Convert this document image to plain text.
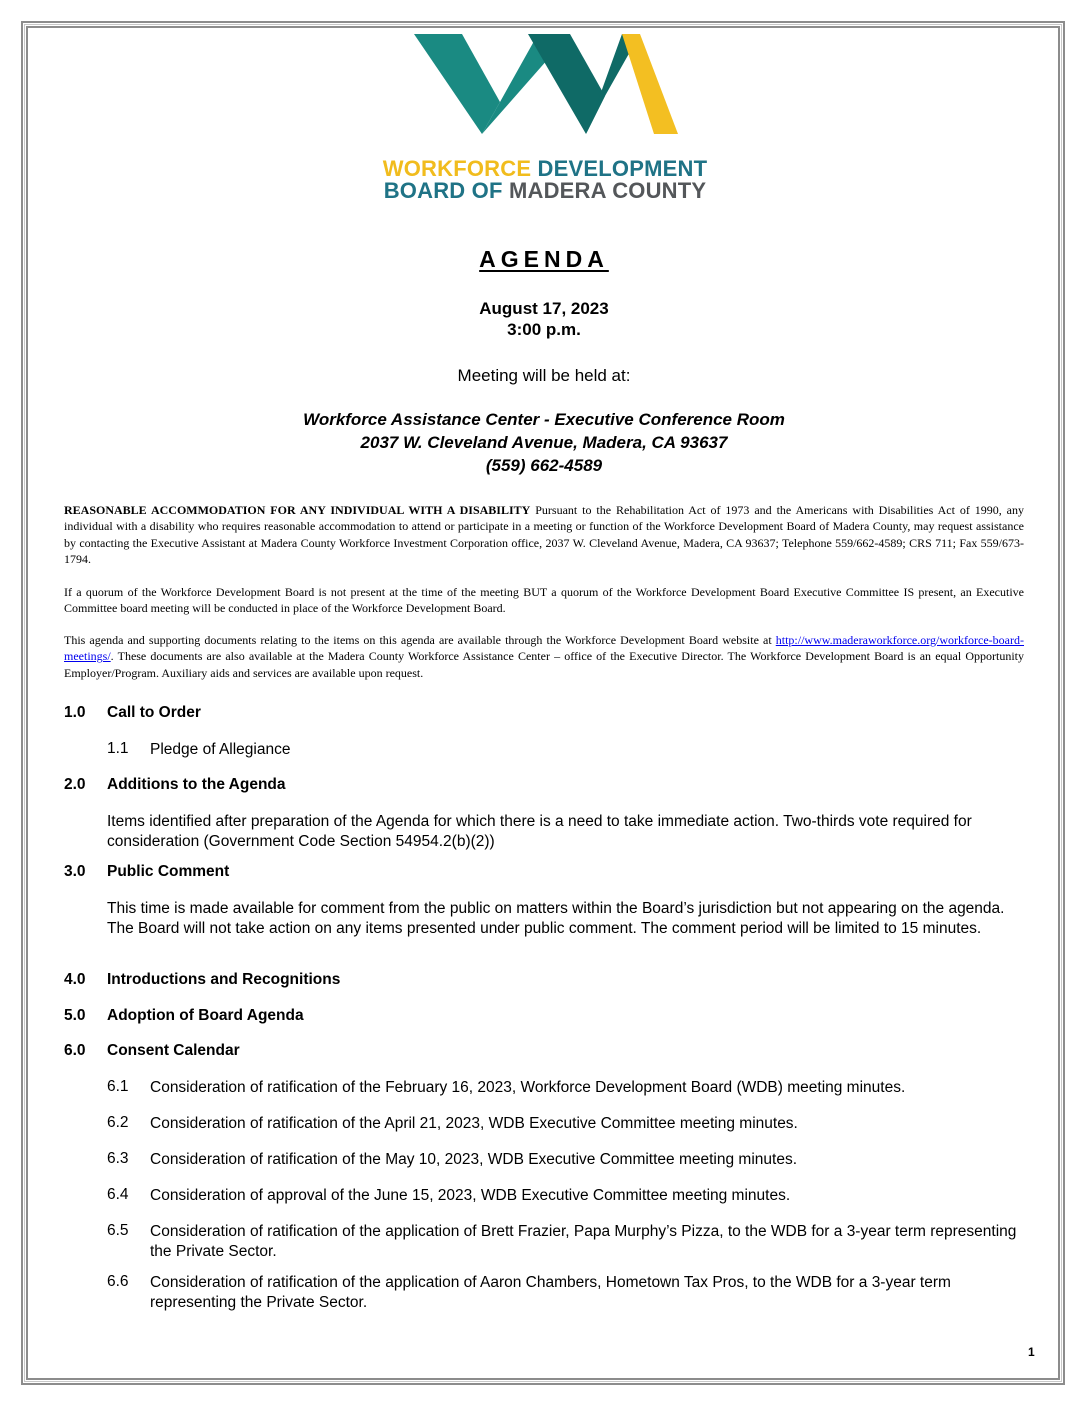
WORKFORCE DEVELOPMENT
BOARD OF MADERA COUNTY
AGENDA
August 17, 2023
3:00 p.m.
Meeting will be held at:
Workforce Assistance Center - Executive Conference Room
2037 W. Cleveland Avenue, Madera, CA 93637
(559) 662-4589
REASONABLE ACCOMMODATION FOR ANY INDIVIDUAL WITH A DISABILITY Pursuant to the Rehabilitation Act of 1973 and the Americans with Disabilities Act of 1990, any individual with a disability who requires reasonable accommodation to attend or participate in a meeting or function of the Workforce Development Board of Madera County, may request assistance by contacting the Executive Assistant at Madera County Workforce Investment Corporation office, 2037 W. Cleveland Avenue, Madera, CA 93637; Telephone 559/662-4589; CRS 711; Fax 559/673-1794.
If a quorum of the Workforce Development Board is not present at the time of the meeting BUT a quorum of the Workforce Development Board Executive Committee IS present, an Executive Committee board meeting will be conducted in place of the Workforce Development Board.
This agenda and supporting documents relating to the items on this agenda are available through the Workforce Development Board website at http://www.maderaworkforce.org/workforce-board-meetings/. These documents are also available at the Madera County Workforce Assistance Center – office of the Executive Director. The Workforce Development Board is an equal Opportunity Employer/Program. Auxiliary aids and services are available upon request.
1.0 Call to Order
1.1 Pledge of Allegiance
2.0 Additions to the Agenda
Items identified after preparation of the Agenda for which there is a need to take immediate action. Two-thirds vote required for consideration (Government Code Section 54954.2(b)(2))
3.0 Public Comment
This time is made available for comment from the public on matters within the Board’s jurisdiction but not appearing on the agenda. The Board will not take action on any items presented under public comment. The comment period will be limited to 15 minutes.
4.0 Introductions and Recognitions
5.0 Adoption of Board Agenda
6.0 Consent Calendar
6.1 Consideration of ratification of the February 16, 2023, Workforce Development Board (WDB) meeting minutes.
6.2 Consideration of ratification of the April 21, 2023, WDB Executive Committee meeting minutes.
6.3 Consideration of ratification of the May 10, 2023, WDB Executive Committee meeting minutes.
6.4 Consideration of approval of the June 15, 2023, WDB Executive Committee meeting minutes.
6.5 Consideration of ratification of the application of Brett Frazier, Papa Murphy’s Pizza, to the WDB for a 3-year term representing the Private Sector.
6.6 Consideration of ratification of the application of Aaron Chambers, Hometown Tax Pros, to the WDB for a 3-year term representing the Private Sector.
1
